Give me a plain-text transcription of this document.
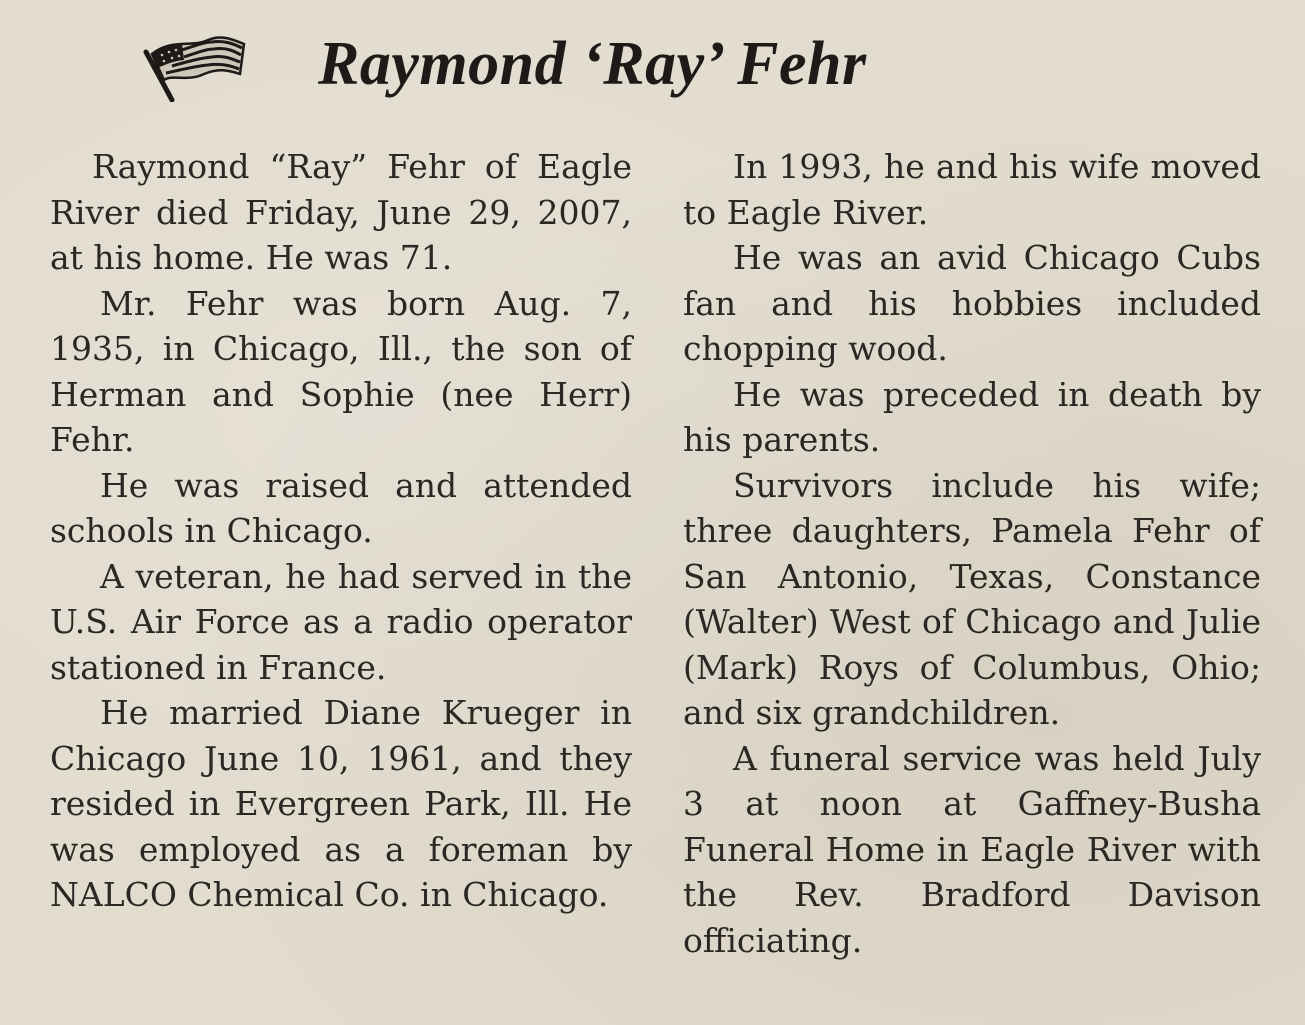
Raymond ‘Ray’ Fehr

Raymond “Ray” Fehr of Eagle River died Friday, June 29, 2007, at his home. He was 71.

Mr. Fehr was born Aug. 7, 1935, in Chicago, Ill., the son of Herman and Sophie (nee Herr) Fehr.

He was raised and attended schools in Chicago.

A veteran, he had served in the U.S. Air Force as a radio operator stationed in France.

He married Diane Krueger in Chicago June 10, 1961, and they resided in Evergreen Park, Ill. He was employed as a foreman by NALCO Chemical Co. in Chicago.

In 1993, he and his wife moved to Eagle River.

He was an avid Chicago Cubs fan and his hobbies included chopping wood.

He was preceded in death by his parents.

Survivors include his wife; three daughters, Pamela Fehr of San Antonio, Texas, Constance (Walter) West of Chicago and Julie (Mark) Roys of Columbus, Ohio; and six grandchildren.

A funeral service was held July 3 at noon at Gaffney-Busha Funeral Home in Eagle River with the Rev. Bradford Davison officiating.
